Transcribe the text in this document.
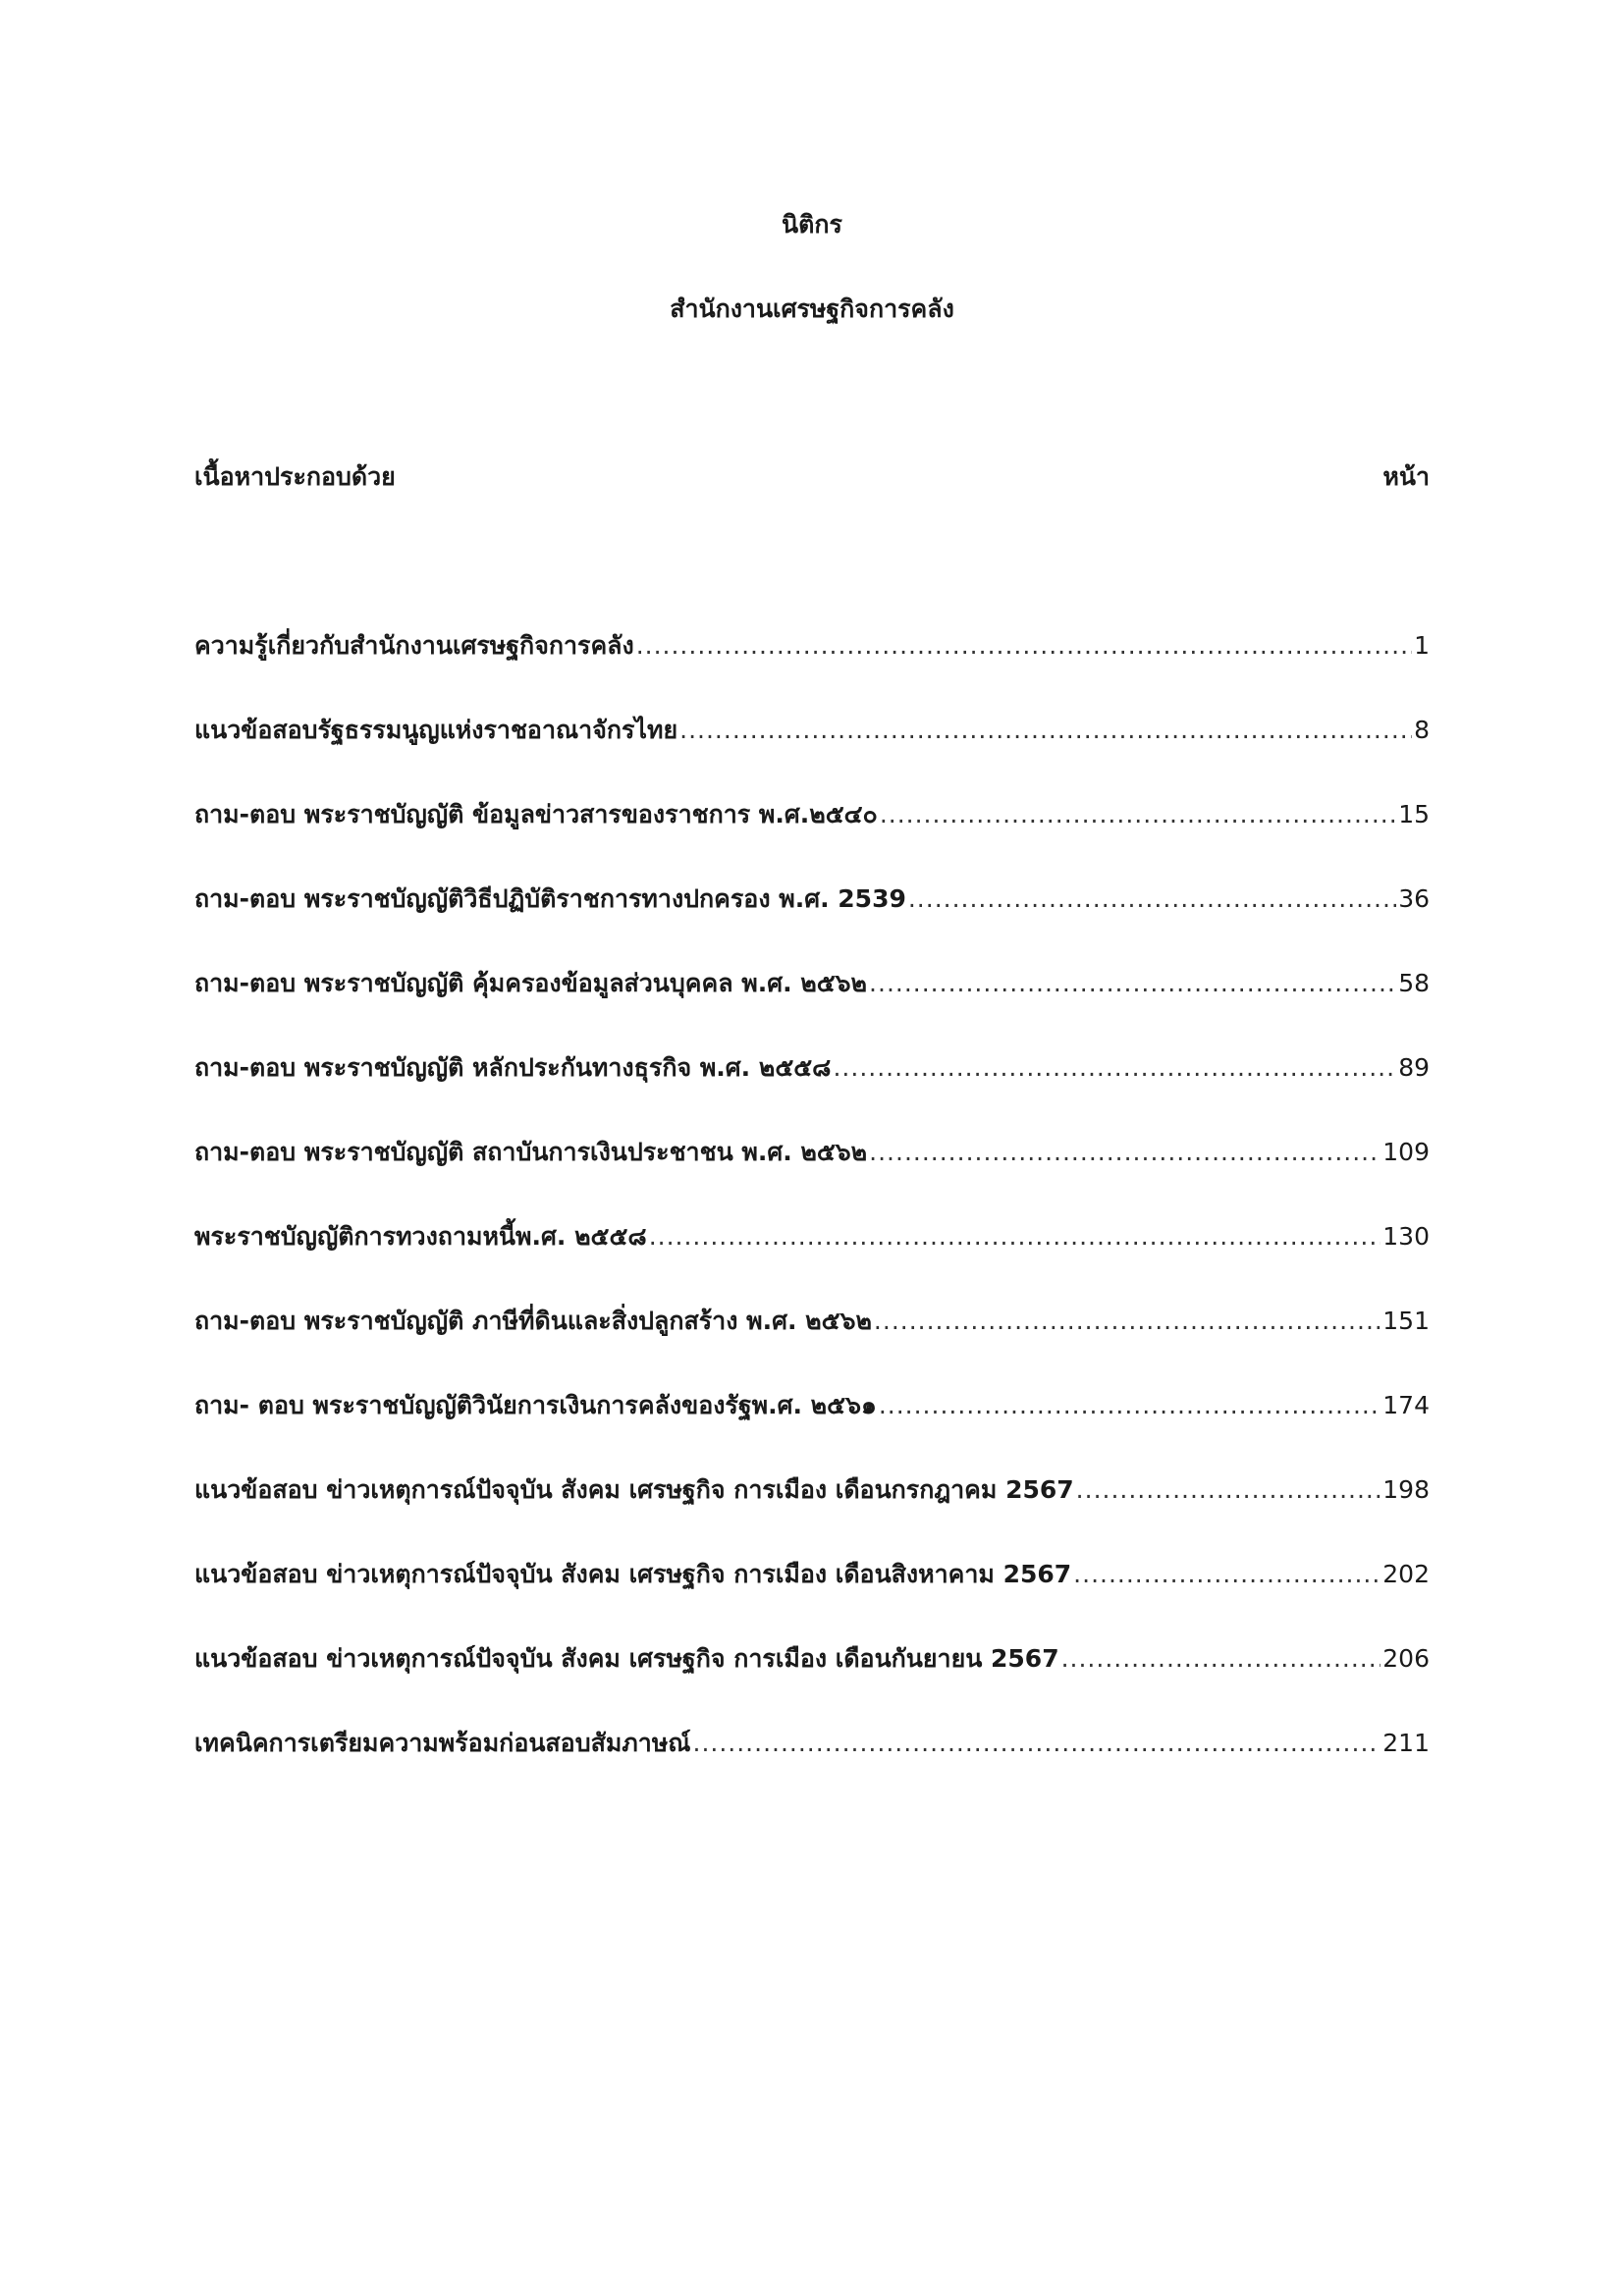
นิติกร
สำนักงานเศรษฐกิจการคลัง
เนื้อหาประกอบด้วย	หน้า
ความรู้เกี่ยวกับสำนักงานเศรษฐกิจการคลัง .....	1
แนวข้อสอบรัฐธรรมนูญแห่งราชอาณาจักรไทย .....	8
ถาม-ตอบ พระราชบัญญัติ ข้อมูลข่าวสารของราชการ พ.ศ.๒๕๔๐ .....	15
ถาม-ตอบ พระราชบัญญัติวิธีปฏิบัติราชการทางปกครอง พ.ศ. 2539 .....	36
ถาม-ตอบ พระราชบัญญัติ คุ้มครองข้อมูลส่วนบุคคล พ.ศ. ๒๕๖๒ .....	58
ถาม-ตอบ พระราชบัญญัติ หลักประกันทางธุรกิจ พ.ศ. ๒๕๕๘ .....	89
ถาม-ตอบ พระราชบัญญัติ สถาบันการเงินประชาชน พ.ศ. ๒๕๖๒ .....	109
พระราชบัญญัติการทวงถามหนี้พ.ศ. ๒๕๕๘ .....	130
ถาม-ตอบ พระราชบัญญัติ ภาษีที่ดินและสิ่งปลูกสร้าง พ.ศ. ๒๕๖๒ .....	151
ถาม- ตอบ พระราชบัญญัติวินัยการเงินการคลังของรัฐพ.ศ. ๒๕๖๑ .....	174
แนวข้อสอบ ข่าวเหตุการณ์ปัจจุบัน สังคม เศรษฐกิจ การเมือง เดือนกรกฎาคม 2567 .....	198
แนวข้อสอบ ข่าวเหตุการณ์ปัจจุบัน สังคม เศรษฐกิจ การเมือง เดือนสิงหาคาม 2567 .....	202
แนวข้อสอบ ข่าวเหตุการณ์ปัจจุบัน สังคม เศรษฐกิจ การเมือง เดือนกันยายน 2567 .....	206
เทคนิคการเตรียมความพร้อมก่อนสอบสัมภาษณ์ .....	211
